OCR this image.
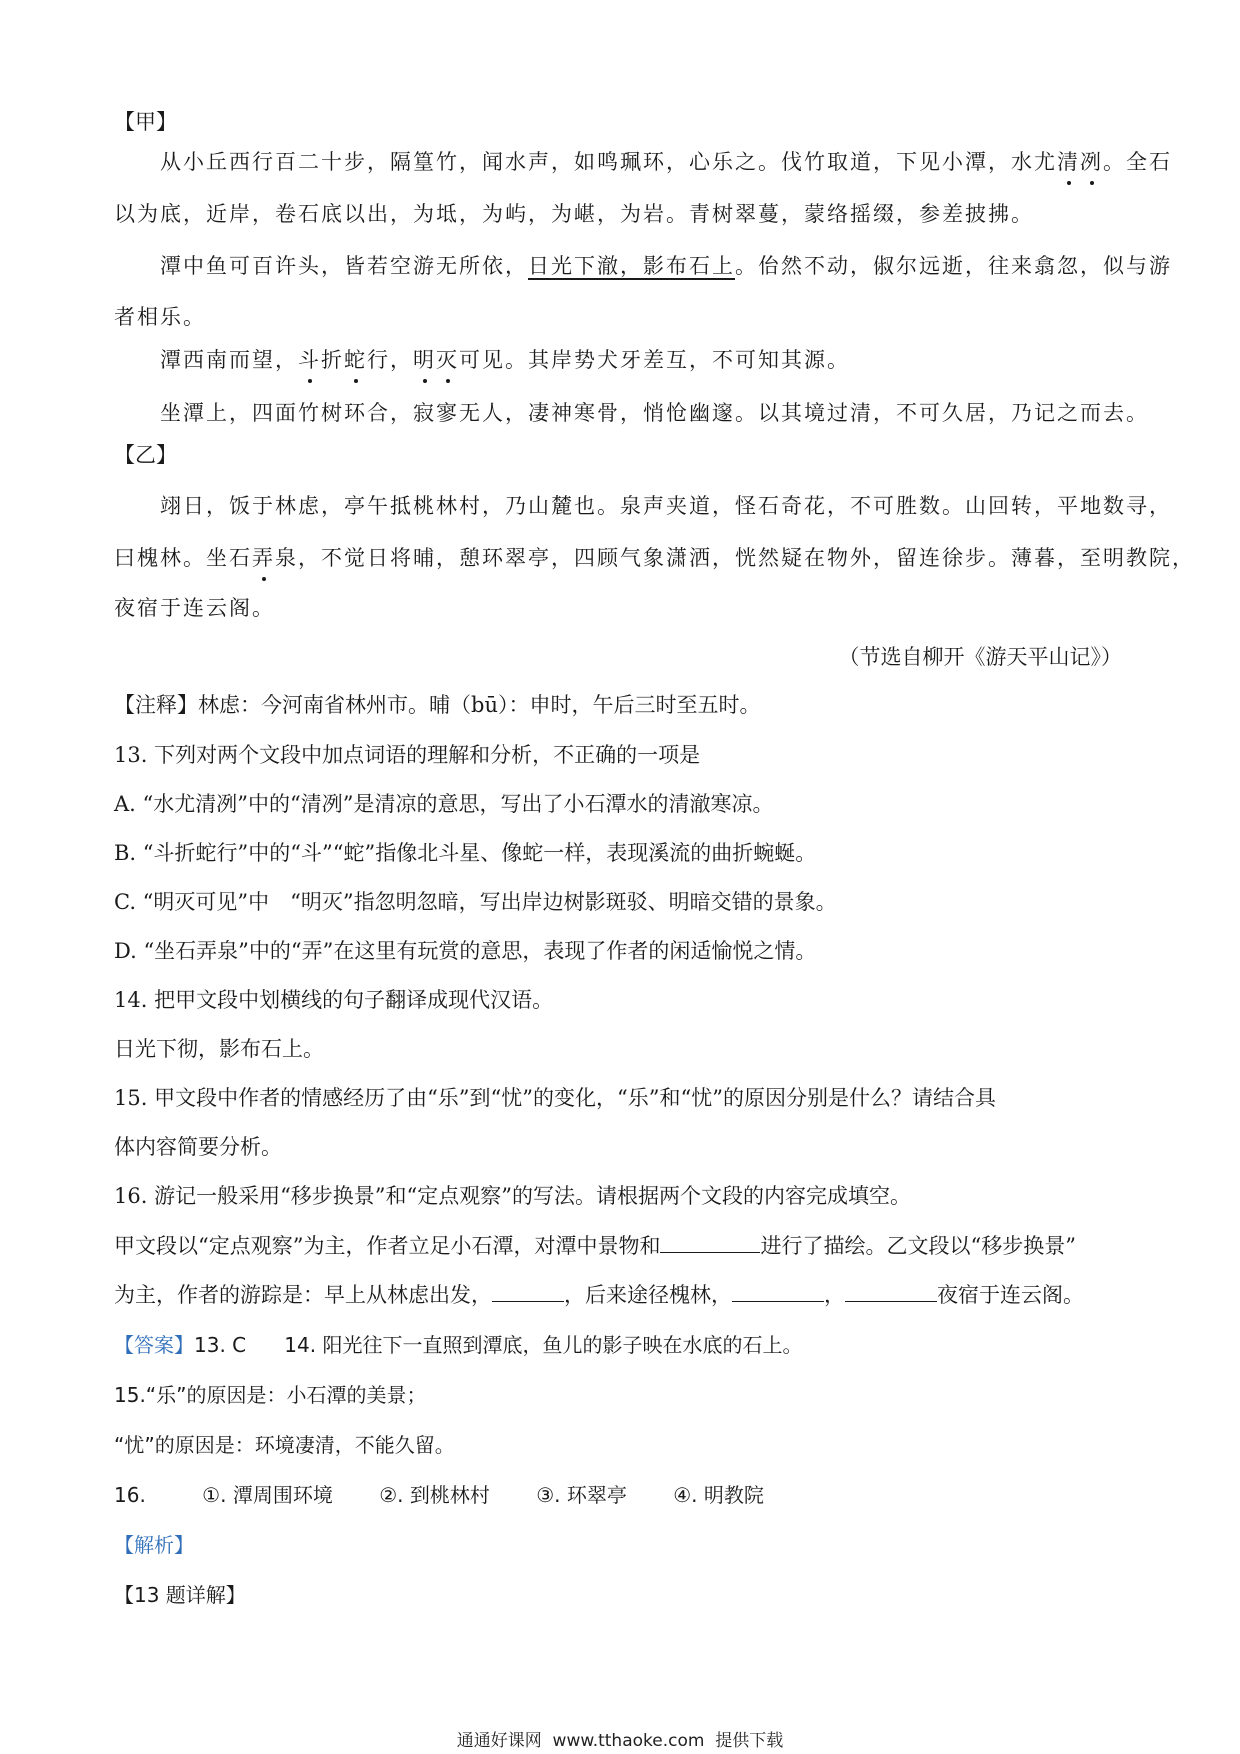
【甲】
从小丘西行百二十步，隔篁竹，闻水声，如鸣珮环，心乐之。伐竹取道，下见小潭，水尤清冽。全石
以为底，近岸，卷石底以出，为坻，为屿，为嵁，为岩。青树翠蔓，蒙络摇缀，参差披拂。
潭中鱼可百许头，皆若空游无所依，日光下澈，影布石上。佁然不动，俶尔远逝，往来翕忽，似与游
者相乐。
潭西南而望，斗折蛇行，明灭可见。其岸势犬牙差互，不可知其源。
坐潭上，四面竹树环合，寂寥无人，凄神寒骨，悄怆幽邃。以其境过清，不可久居，乃记之而去。
【乙】
翊日，饭于林虑，亭午抵桃林村，乃山麓也。泉声夹道，怪石奇花，不可胜数。山回转，平地数寻，
曰槐林。坐石弄泉，不觉日将晡，憩环翠亭，四顾气象潇洒，恍然疑在物外，留连徐步。薄暮，至明教院，
夜宿于连云阁。
（节选自柳开《游天平山记》）
【注释】林虑：今河南省林州市。晡（bū）：申时，午后三时至五时。
13. 下列对两个文段中加点词语的理解和分析，不正确的一项是
A. “水尤清冽”中的“清冽”是清凉的意思，写出了小石潭水的清澈寒凉。
B. “斗折蛇行”中的“斗”“蛇”指像北斗星、像蛇一样，表现溪流的曲折蜿蜒。
C. “明灭可见”中　“明灭”指忽明忽暗，写出岸边树影斑驳、明暗交错的景象。
D. “坐石弄泉”中的“弄”在这里有玩赏的意思，表现了作者的闲适愉悦之情。
14. 把甲文段中划横线的句子翻译成现代汉语。
日光下彻，影布石上。
15. 甲文段中作者的情感经历了由“乐”到“忧”的变化，“乐”和“忧”的原因分别是什么？请结合具
体内容简要分析。
16. 游记一般采用“移步换景”和“定点观察”的写法。请根据两个文段的内容完成填空。
甲文段以“定点观察”为主，作者立足小石潭，对潭中景物和	进行了描绘。乙文段以“移步换景”
为主，作者的游踪是：早上从林虑出发，	，后来途径槐林，	，	夜宿于连云阁。
【答案】13. C 14. 阳光往下一直照到潭底，鱼儿的影子映在水底的石上。
15.“乐”的原因是：小石潭的美景；
“忧”的原因是：环境凄清，不能久留。
16.	①. 潭周围环境 ②. 到桃林村 ③. 环翠亭 ④. 明教院
【解析】
【13 题详解】
通通好课网 www.tthaoke.com 提供下载
